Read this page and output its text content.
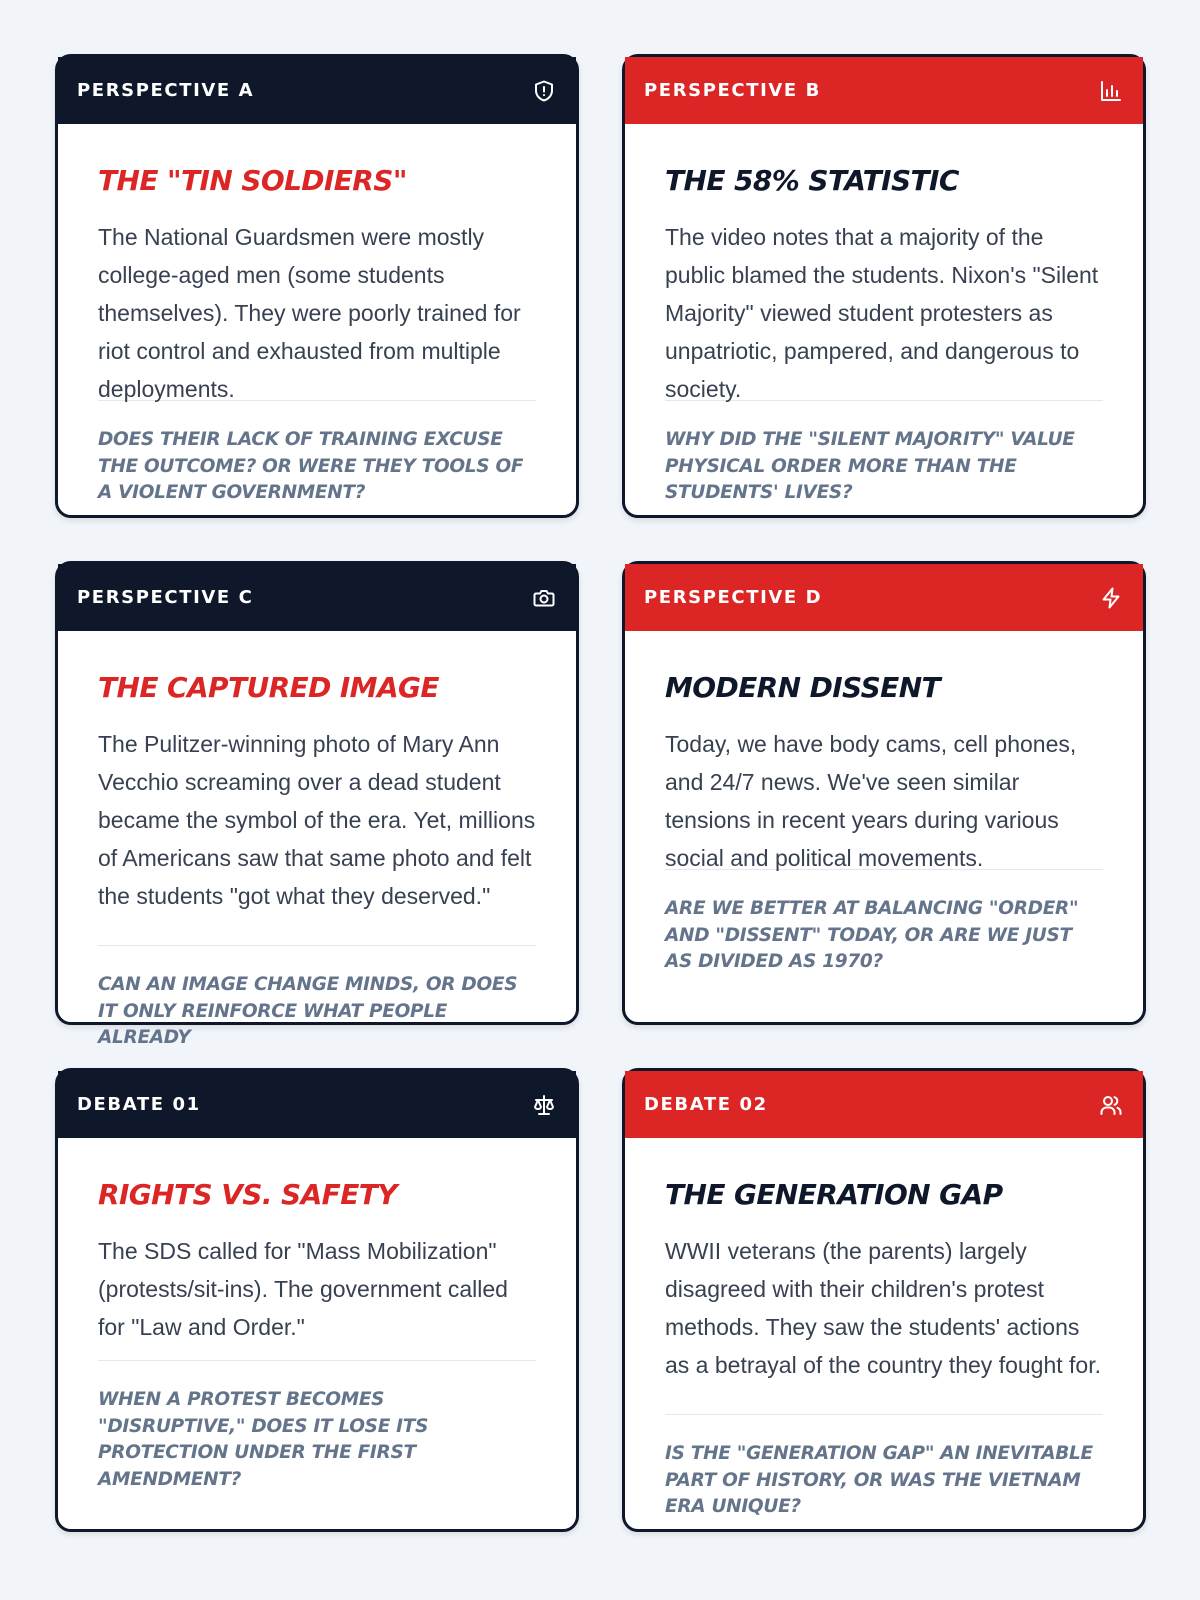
PERSPECTIVE A
THE "TIN SOLDIERS"

The National Guardsmen were mostly college-aged men (some students themselves). They were poorly trained for riot control and exhausted from multiple deployments.

DOES THEIR LACK OF TRAINING EXCUSE THE OUTCOME? OR WERE THEY TOOLS OF A VIOLENT GOVERNMENT?

PERSPECTIVE B
THE 58% STATISTIC

The video notes that a majority of the public blamed the students. Nixon's "Silent Majority" viewed student protesters as unpatriotic, pampered, and dangerous to society.

WHY DID THE "SILENT MAJORITY" VALUE PHYSICAL ORDER MORE THAN THE STUDENTS' LIVES?

PERSPECTIVE C
THE CAPTURED IMAGE

The Pulitzer-winning photo of Mary Ann Vecchio screaming over a dead student became the symbol of the era. Yet, millions of Americans saw that same photo and felt the students "got what they deserved."

CAN AN IMAGE CHANGE MINDS, OR DOES IT ONLY REINFORCE WHAT PEOPLE ALREADY

PERSPECTIVE D
MODERN DISSENT

Today, we have body cams, cell phones, and 24/7 news. We've seen similar tensions in recent years during various social and political movements.

ARE WE BETTER AT BALANCING "ORDER" AND "DISSENT" TODAY, OR ARE WE JUST AS DIVIDED AS 1970?

DEBATE 01
RIGHTS VS. SAFETY

The SDS called for "Mass Mobilization" (protests/sit-ins). The government called for "Law and Order."

WHEN A PROTEST BECOMES "DISRUPTIVE," DOES IT LOSE ITS PROTECTION UNDER THE FIRST AMENDMENT?

DEBATE 02
THE GENERATION GAP

WWII veterans (the parents) largely disagreed with their children's protest methods. They saw the students' actions as a betrayal of the country they fought for.

IS THE "GENERATION GAP" AN INEVITABLE PART OF HISTORY, OR WAS THE VIETNAM ERA UNIQUE?
